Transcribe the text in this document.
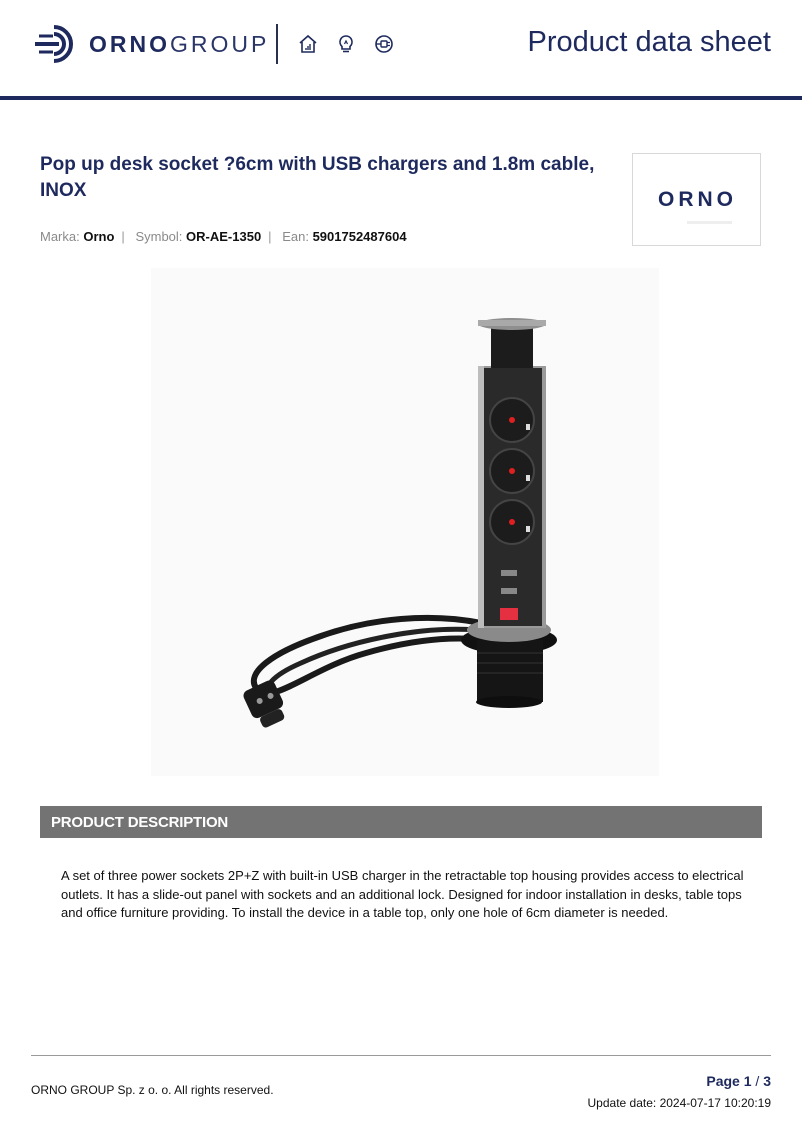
ORNOGROUP	Product data sheet
Pop up desk socket ?6cm with USB chargers and 1.8m cable, INOX
Marka: Orno | Symbol: OR-AE-1350 | Ean: 5901752487604
ORNO
PRODUCT DESCRIPTION
A set of three power sockets 2P+Z with built-in USB charger in the retractable top housing provides access to electrical outlets. It has a slide-out panel with sockets and an additional lock. Designed for indoor installation in desks, table tops and office furniture providing. To install the device in a table top, only one hole of 6cm diameter is needed.
ORNO GROUP Sp. z o. o. All rights reserved.
Page 1 / 3
Update date: 2024-07-17 10:20:19
